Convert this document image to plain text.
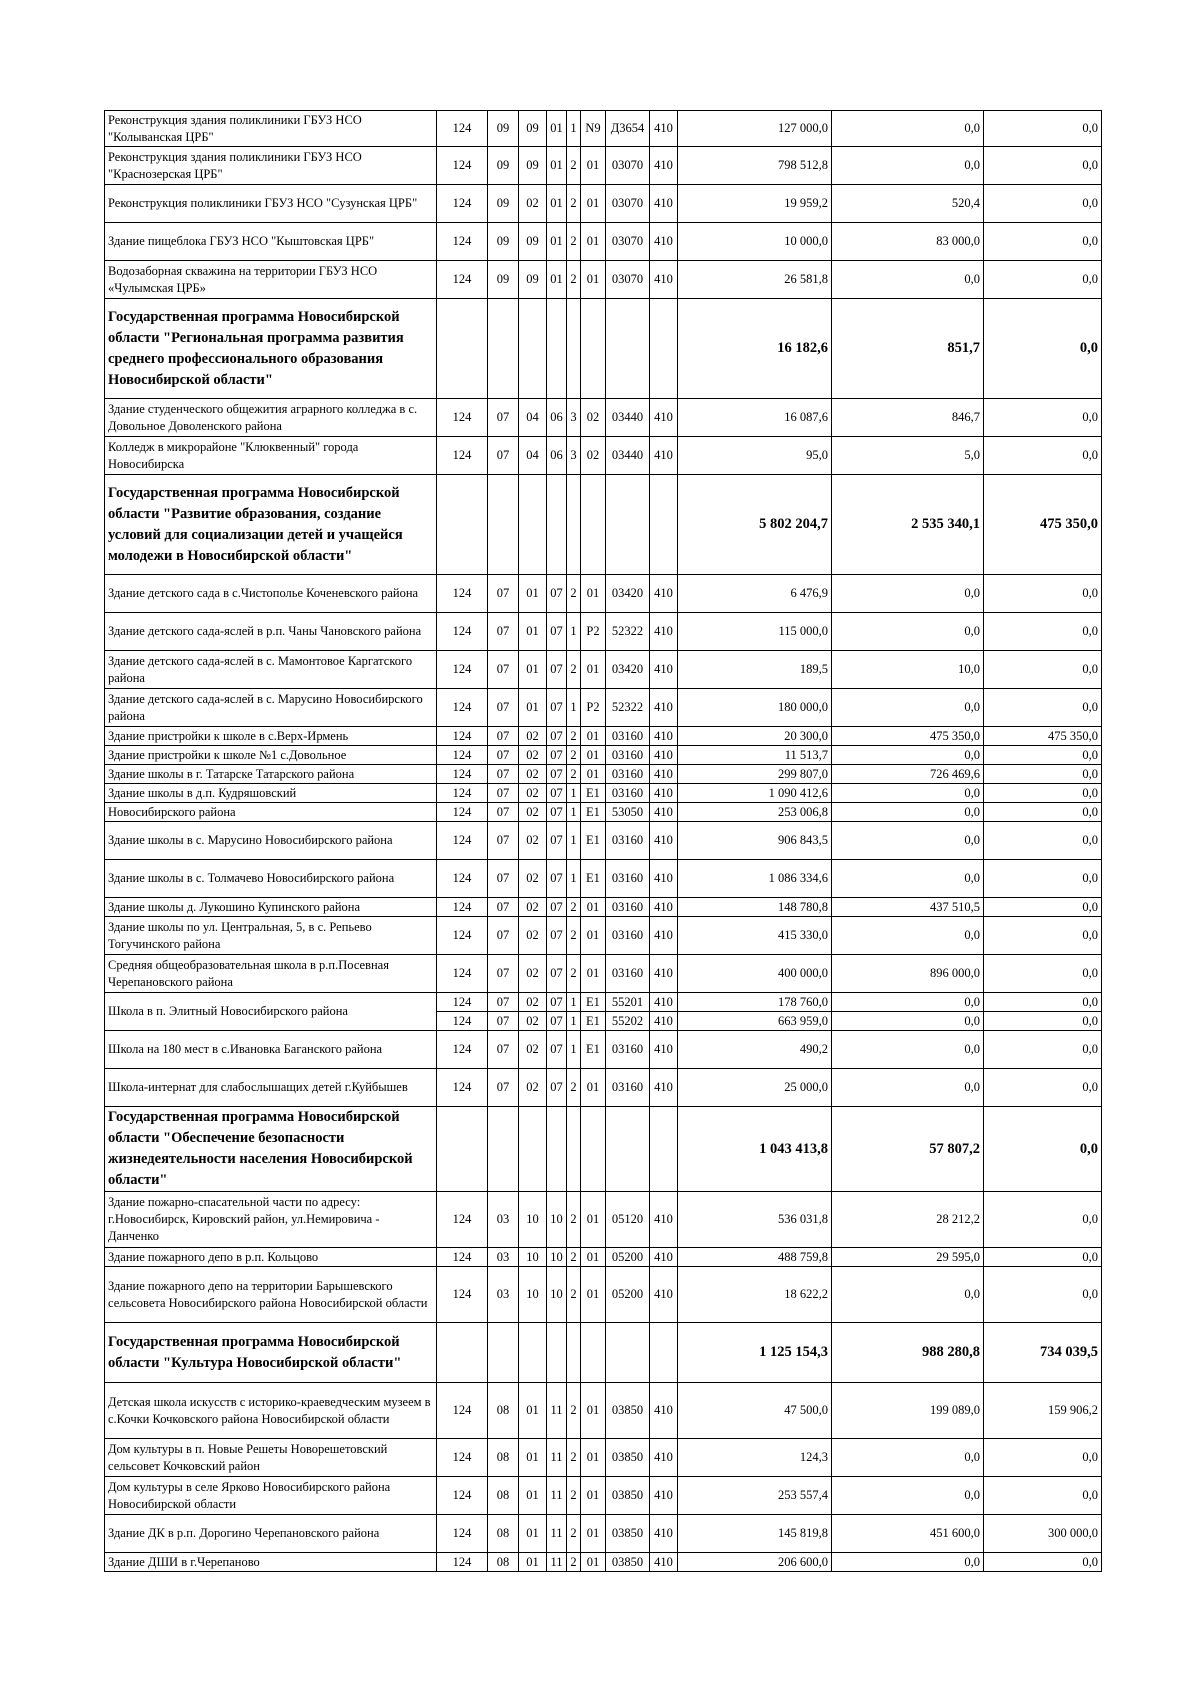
Реконструкция здания поликлиники ГБУЗ НСО "Колыванская ЦРБ"	124	09	09	01	1	N9	Д3654	410	127 000,0	0,0	0,0
Реконструкция здания поликлиники ГБУЗ НСО "Краснозерская ЦРБ"	124	09	09	01	2	01	03070	410	798 512,8	0,0	0,0
Реконструкция поликлиники ГБУЗ НСО "Сузунская ЦРБ"	124	09	02	01	2	01	03070	410	19 959,2	520,4	0,0
Здание пищеблока ГБУЗ НСО "Кыштовская ЦРБ"	124	09	09	01	2	01	03070	410	10 000,0	83 000,0	0,0
Водозаборная скважина на территории ГБУЗ НСО «Чулымская ЦРБ»	124	09	09	01	2	01	03070	410	26 581,8	0,0	0,0
Государственная программа Новосибирской области "Региональная программа развития среднего профессионального образования Новосибирской области"									16 182,6	851,7	0,0
Здание студенческого общежития аграрного колледжа в с. Довольное Доволенского района	124	07	04	06	3	02	03440	410	16 087,6	846,7	0,0
Колледж в микрорайоне "Клюквенный" города Новосибирска	124	07	04	06	3	02	03440	410	95,0	5,0	0,0
Государственная программа Новосибирской области "Развитие образования, создание условий для социализации детей и учащейся молодежи в Новосибирской области"									5 802 204,7	2 535 340,1	475 350,0
Здание детского сада в с.Чистополье Коченевского района	124	07	01	07	2	01	03420	410	6 476,9	0,0	0,0
Здание детского сада-яслей в р.п. Чаны Чановского района	124	07	01	07	1	P2	52322	410	115 000,0	0,0	0,0
Здание детского сада-яслей в с. Мамонтовое Каргатского района	124	07	01	07	2	01	03420	410	189,5	10,0	0,0
Здание детского сада-яслей в с. Марусино Новосибирского района	124	07	01	07	1	P2	52322	410	180 000,0	0,0	0,0
Здание пристройки к школе в с.Верх-Ирмень	124	07	02	07	2	01	03160	410	20 300,0	475 350,0	475 350,0
Здание пристройки к школе №1 с.Довольное	124	07	02	07	2	01	03160	410	11 513,7	0,0	0,0
Здание школы в г. Татарске Татарского района	124	07	02	07	2	01	03160	410	299 807,0	726 469,6	0,0
Здание школы в д.п. Кудряшовский	124	07	02	07	1	E1	03160	410	1 090 412,6	0,0	0,0
Новосибирского района	124	07	02	07	1	E1	53050	410	253 006,8	0,0	0,0
Здание школы в с. Марусино Новосибирского района	124	07	02	07	1	E1	03160	410	906 843,5	0,0	0,0
Здание школы в с. Толмачево Новосибирского района	124	07	02	07	1	E1	03160	410	1 086 334,6	0,0	0,0
Здание школы д. Лукошино Купинского района	124	07	02	07	2	01	03160	410	148 780,8	437 510,5	0,0
Здание школы по ул. Центральная, 5, в с. Репьево Тогучинского района	124	07	02	07	2	01	03160	410	415 330,0	0,0	0,0
Средняя общеобразовательная школа в р.п.Посевная Черепановского района	124	07	02	07	2	01	03160	410	400 000,0	896 000,0	0,0
Школа в п. Элитный Новосибирского района	124	07	02	07	1	E1	55201	410	178 760,0	0,0	0,0
	124	07	02	07	1	E1	55202	410	663 959,0	0,0	0,0
Школа на 180 мест в с.Ивановка Баганского района	124	07	02	07	1	E1	03160	410	490,2	0,0	0,0
Школа-интернат для слабослышащих детей г.Куйбышев	124	07	02	07	2	01	03160	410	25 000,0	0,0	0,0
Государственная программа Новосибирской области "Обеспечение безопасности жизнедеятельности населения Новосибирской области"									1 043 413,8	57 807,2	0,0
Здание пожарно-спасательной части по адресу: г.Новосибирск, Кировский район, ул.Немировича - Данченко	124	03	10	10	2	01	05120	410	536 031,8	28 212,2	0,0
Здание пожарного депо в р.п. Кольцово	124	03	10	10	2	01	05200	410	488 759,8	29 595,0	0,0
Здание пожарного депо на территории Барышевского сельсовета Новосибирского района Новосибирской области	124	03	10	10	2	01	05200	410	18 622,2	0,0	0,0
Государственная программа Новосибирской области "Культура Новосибирской области"									1 125 154,3	988 280,8	734 039,5
Детская школа искусств с историко-краеведческим музеем в с.Кочки Кочковского района Новосибирской области	124	08	01	11	2	01	03850	410	47 500,0	199 089,0	159 906,2
Дом культуры в п. Новые Решеты Новорешетовский сельсовет Кочковский район	124	08	01	11	2	01	03850	410	124,3	0,0	0,0
Дом культуры в селе Ярково Новосибирского района Новосибирской области	124	08	01	11	2	01	03850	410	253 557,4	0,0	0,0
Здание ДК в р.п. Дорогино Черепановского района	124	08	01	11	2	01	03850	410	145 819,8	451 600,0	300 000,0
Здание ДШИ в г.Черепаново	124	08	01	11	2	01	03850	410	206 600,0	0,0	0,0
